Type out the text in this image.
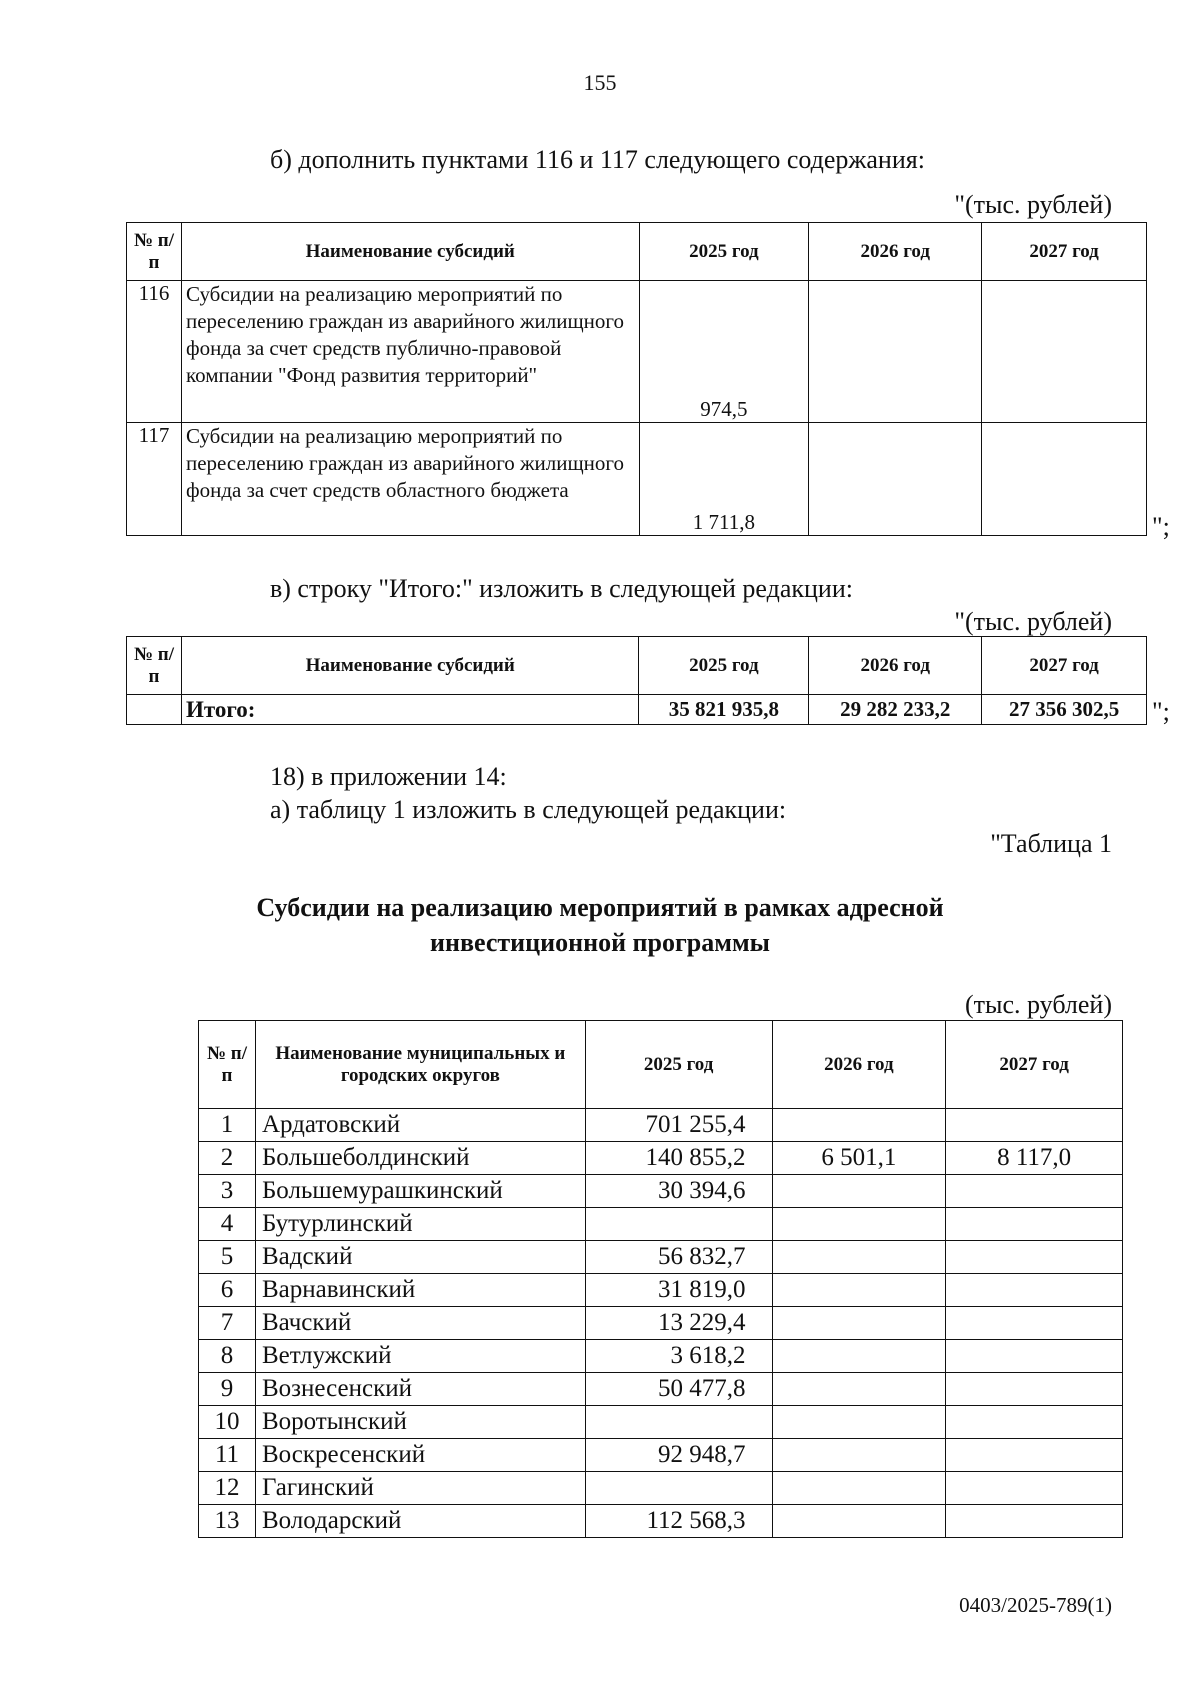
155
б) дополнить пунктами 116 и 117 следующего содержания:
"(тыс. рублей)
№ п/п	Наименование субсидий	2025 год	2026 год	2027 год
116	Субсидии на реализацию мероприятий по переселению граждан из аварийного жилищного фонда за счет средств публично-правовой компании "Фонд развития территорий"	974,5		
117	Субсидии на реализацию мероприятий по переселению граждан из аварийного жилищного фонда за счет средств областного бюджета	1 711,8			";
в) строку "Итого:" изложить в следующей редакции:
"(тыс. рублей)
№ п/п	Наименование субсидий	2025 год	2026 год	2027 год
	Итого:	35 821 935,8	29 282 233,2	27 356 302,5 ";
18) в приложении 14:
а) таблицу 1 изложить в следующей редакции:
"Таблица 1
Субсидии на реализацию мероприятий в рамках адресной
инвестиционной программы
(тыс. рублей)
№ п/п	Наименование муниципальных и городских округов	2025 год	2026 год	2027 год
1	Ардатовский	701 255,4		
2	Большеболдинский	140 855,2	6 501,1	8 117,0
3	Большемурашкинский	30 394,6		
4	Бутурлинский			
5	Вадский	56 832,7		
6	Варнавинский	31 819,0		
7	Вачский	13 229,4		
8	Ветлужский	3 618,2		
9	Вознесенский	50 477,8		
10	Воротынский			
11	Воскресенский	92 948,7		
12	Гагинский			
13	Володарский	112 568,3		
0403/2025-789(1)
